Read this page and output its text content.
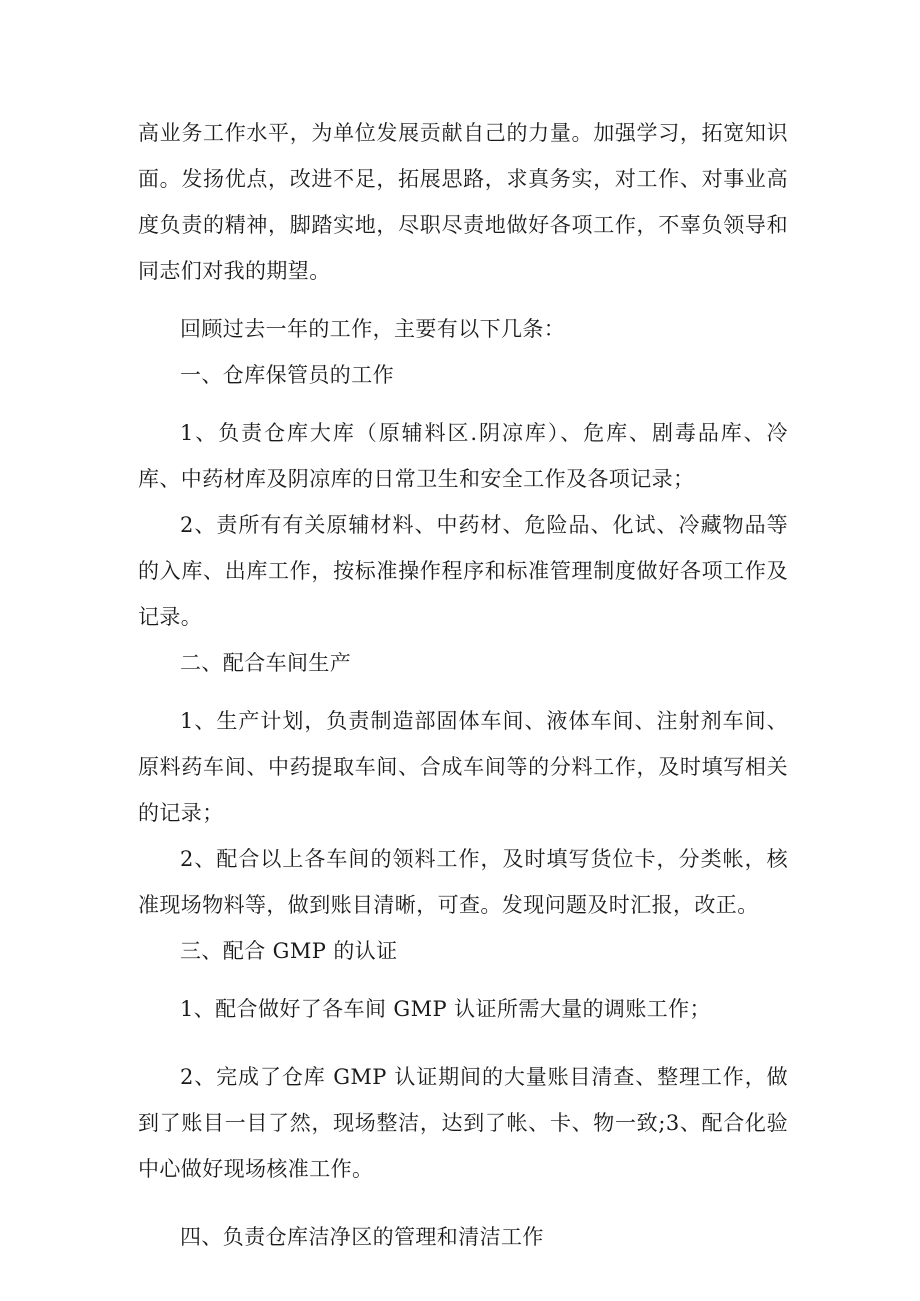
高业务工作水平，为单位发展贡献自己的力量。加强学习，拓宽知识面。发扬优点，改进不足，拓展思路，求真务实，对工作、对事业高度负责的精神，脚踏实地，尽职尽责地做好各项工作，不辜负领导和同志们对我的期望。

回顾过去一年的工作，主要有以下几条：

一、仓库保管员的工作

1、负责仓库大库（原辅料区.阴凉库）、危库、剧毒品库、冷库、中药材库及阴凉库的日常卫生和安全工作及各项记录；

2、责所有有关原辅材料、中药材、危险品、化试、冷藏物品等的入库、出库工作，按标准操作程序和标准管理制度做好各项工作及记录。

二、配合车间生产

1、生产计划，负责制造部固体车间、液体车间、注射剂车间、原料药车间、中药提取车间、合成车间等的分料工作，及时填写相关的记录；

2、配合以上各车间的领料工作，及时填写货位卡，分类帐，核准现场物料等，做到账目清晰，可查。发现问题及时汇报，改正。

三、配合 GMP 的认证

1、配合做好了各车间 GMP 认证所需大量的调账工作；

2、完成了仓库 GMP 认证期间的大量账目清查、整理工作，做到了账目一目了然，现场整洁，达到了帐、卡、物一致;3、配合化验中心做好现场核准工作。

四、负责仓库洁净区的管理和清洁工作
